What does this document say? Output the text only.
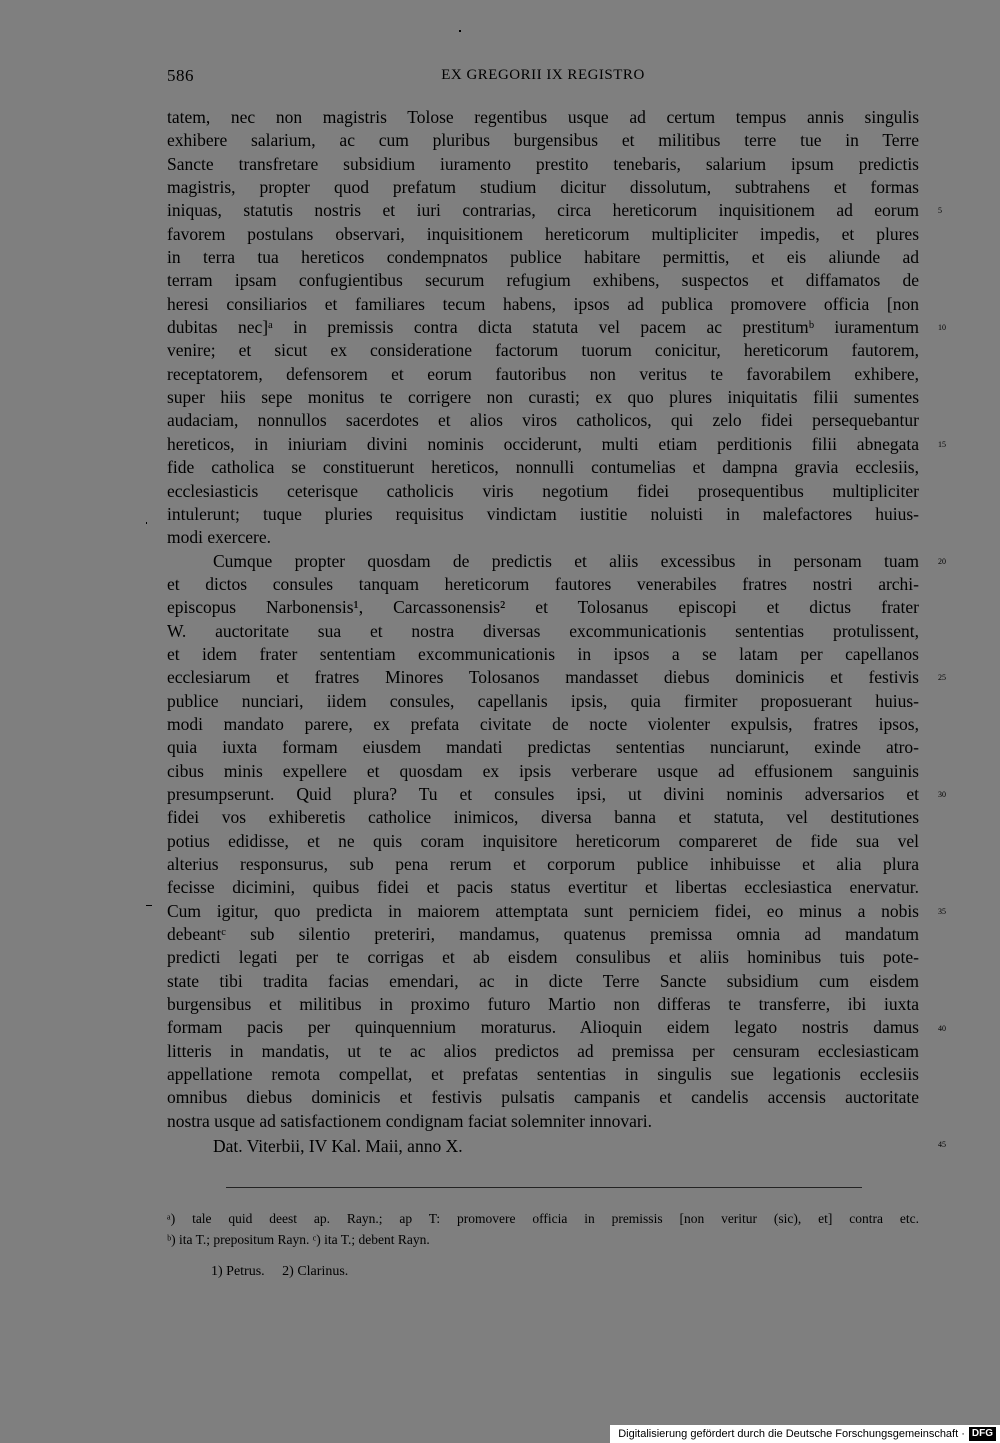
586	EX GREGORII IX REGISTRO
tatem, nec non magistris Tolose regentibus usque ad certum tempus annis singulis
exhibere salarium, ac cum pluribus burgensibus et militibus terre tue in Terre
Sancte transfretare subsidium iuramento prestito tenebaris, salarium ipsum predictis
magistris, propter quod prefatum studium dicitur dissolutum, subtrahens et formas
iniquas, statutis nostris et iuri contrarias, circa hereticorum inquisitionem ad eorum
favorem postulans observari, inquisitionem hereticorum multipliciter impedis, et plures
in terra tua hereticos condempnatos publice habitare permittis, et eis aliunde ad
terram ipsam confugientibus securum refugium exhibens, suspectos et diffamatos de
heresi consiliarios et familiares tecum habens, ipsos ad publica promovere officia [non
dubitas nec]ᵃ in premissis contra dicta statuta vel pacem ac prestitumᵇ iuramentum
venire; et sicut ex consideratione factorum tuorum conicitur, hereticorum fautorem,
receptatorem, defensorem et eorum fautoribus non veritus te favorabilem exhibere,
super hiis sepe monitus te corrigere non curasti; ex quo plures iniquitatis filii sumentes
audaciam, nonnullos sacerdotes et alios viros catholicos, qui zelo fidei persequebantur
hereticos, in iniuriam divini nominis occiderunt, multi etiam perditionis filii abnegata
fide catholica se constituerunt hereticos, nonnulli contumelias et dampna gravia ecclesiis,
ecclesiasticis ceterisque catholicis viris negotium fidei prosequentibus multipliciter
intulerunt; tuque pluries requisitus vindictam iustitie noluisti in malefactores huius-
modi exercere.
Cumque propter quosdam de predictis et aliis excessibus in personam tuam
et dictos consules tanquam hereticorum fautores venerabiles fratres nostri archi-
episcopus Narbonensis¹, Carcassonensis² et Tolosanus episcopi et dictus frater
W. auctoritate sua et nostra diversas excommunicationis sententias protulissent,
et idem frater sententiam excommunicationis in ipsos a se latam per capellanos
ecclesiarum et fratres Minores Tolosanos mandasset diebus dominicis et festivis
publice nunciari, iidem consules, capellanis ipsis, quia firmiter proposuerant huius-
modi mandato parere, ex prefata civitate de nocte violenter expulsis, fratres ipsos,
quia iuxta formam eiusdem mandati predictas sententias nunciarunt, exinde atro-
cibus minis expellere et quosdam ex ipsis verberare usque ad effusionem sanguinis
presumpserunt. Quid plura? Tu et consules ipsi, ut divini nominis adversarios et
fidei vos exhiberetis catholice inimicos, diversa banna et statuta, vel destitutiones
potius edidisse, et ne quis coram inquisitore hereticorum compareret de fide sua vel
alterius responsurus, sub pena rerum et corporum publice inhibuisse et alia plura
fecisse dicimini, quibus fidei et pacis status evertitur et libertas ecclesiastica enervatur.
Cum igitur, quo predicta in maiorem attemptata sunt perniciem fidei, eo minus a nobis
debeantᶜ sub silentio preteriri, mandamus, quatenus premissa omnia ad mandatum
predicti legati per te corrigas et ab eisdem consulibus et aliis hominibus tuis pote-
state tibi tradita facias emendari, ac in dicte Terre Sancte subsidium cum eisdem
burgensibus et militibus in proximo futuro Martio non differas te transferre, ibi iuxta
formam pacis per quinquennium moraturus. Alioquin eidem legato nostris damus
litteris in mandatis, ut te ac alios predictos ad premissa per censuram ecclesiasticam
appellatione remota compellat, et prefatas sententias in singulis sue legationis ecclesiis
omnibus diebus dominicis et festivis pulsatis campanis et candelis accensis auctoritate
nostra usque ad satisfactionem condignam faciat solemniter innovari.
Dat. Viterbii, IV Kal. Maii, anno X.
5
10
15
20
25
30
35
40
45
ᵃ) tale quid deest ap. Rayn.; ap T: promovere officia in premissis [non veritur (sic), et] contra etc.
ᵇ) ita T.; prepositum Rayn. ᶜ) ita T.; debent Rayn.
1) Petrus. 2) Clarinus.
Digitalisierung gefördert durch die Deutsche Forschungsgemeinschaft · DFG
